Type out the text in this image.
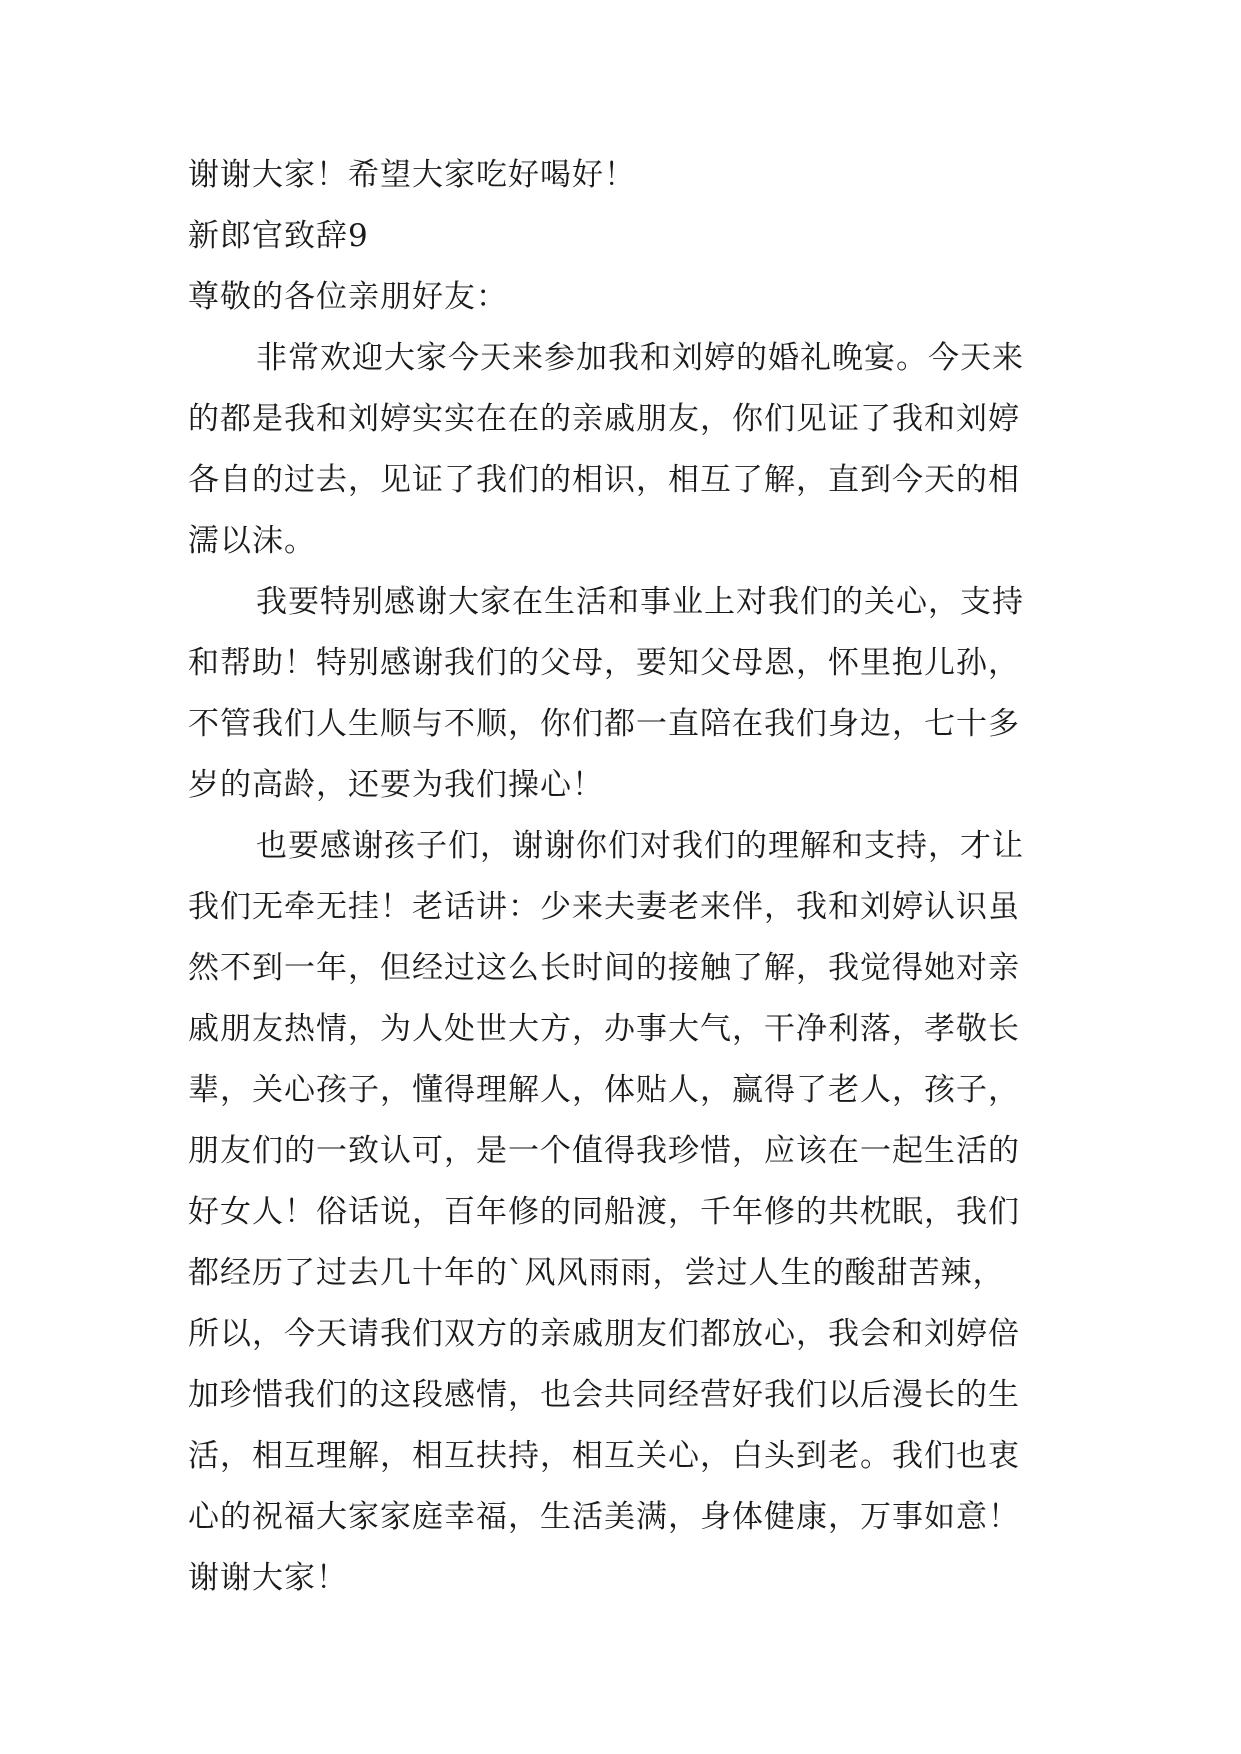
谢谢大家！希望大家吃好喝好！

新郎官致辞9

尊敬的各位亲朋好友：

非常欢迎大家今天来参加我和刘婷的婚礼晚宴。今天来

的都是我和刘婷实实在在的亲戚朋友，你们见证了我和刘婷

各自的过去，见证了我们的相识，相互了解，直到今天的相

濡以沫。

我要特别感谢大家在生活和事业上对我们的关心，支持

和帮助！特别感谢我们的父母，要知父母恩，怀里抱儿孙，

不管我们人生顺与不顺，你们都一直陪在我们身边，七十多

岁的高龄，还要为我们操心！

也要感谢孩子们，谢谢你们对我们的理解和支持，才让

我们无牵无挂！老话讲：少来夫妻老来伴，我和刘婷认识虽

然不到一年，但经过这么长时间的接触了解，我觉得她对亲

戚朋友热情，为人处世大方，办事大气，干净利落，孝敬长

辈，关心孩子，懂得理解人，体贴人，赢得了老人，孩子，

朋友们的一致认可，是一个值得我珍惜，应该在一起生活的

好女人！俗话说，百年修的同船渡，千年修的共枕眠，我们

都经历了过去几十年的`风风雨雨，尝过人生的酸甜苦辣，

所以，今天请我们双方的亲戚朋友们都放心，我会和刘婷倍

加珍惜我们的这段感情，也会共同经营好我们以后漫长的生

活，相互理解，相互扶持，相互关心，白头到老。我们也衷

心的祝福大家家庭幸福，生活美满，身体健康，万事如意！

谢谢大家！
